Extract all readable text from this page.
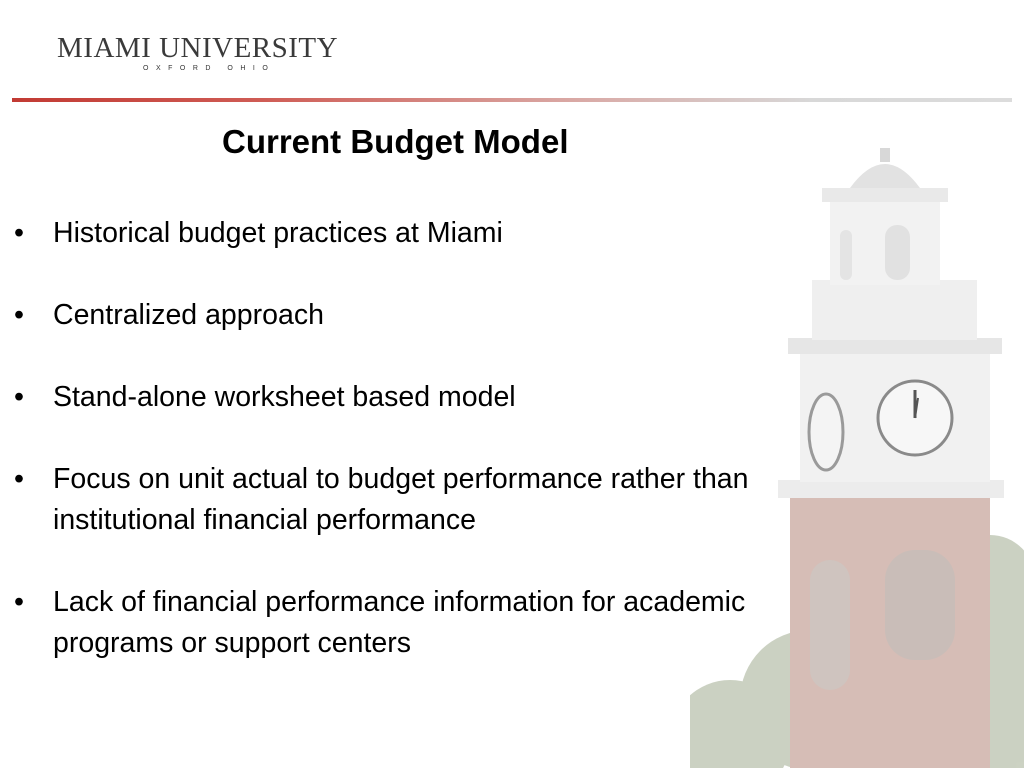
MIAMI UNIVERSITY
OXFORD OHIO
Current Budget Model
• Historical budget practices at Miami
• Centralized approach
• Stand-alone worksheet based model
• Focus on unit actual to budget performance rather than institutional financial performance
• Lack of financial performance information for academic programs or support centers
